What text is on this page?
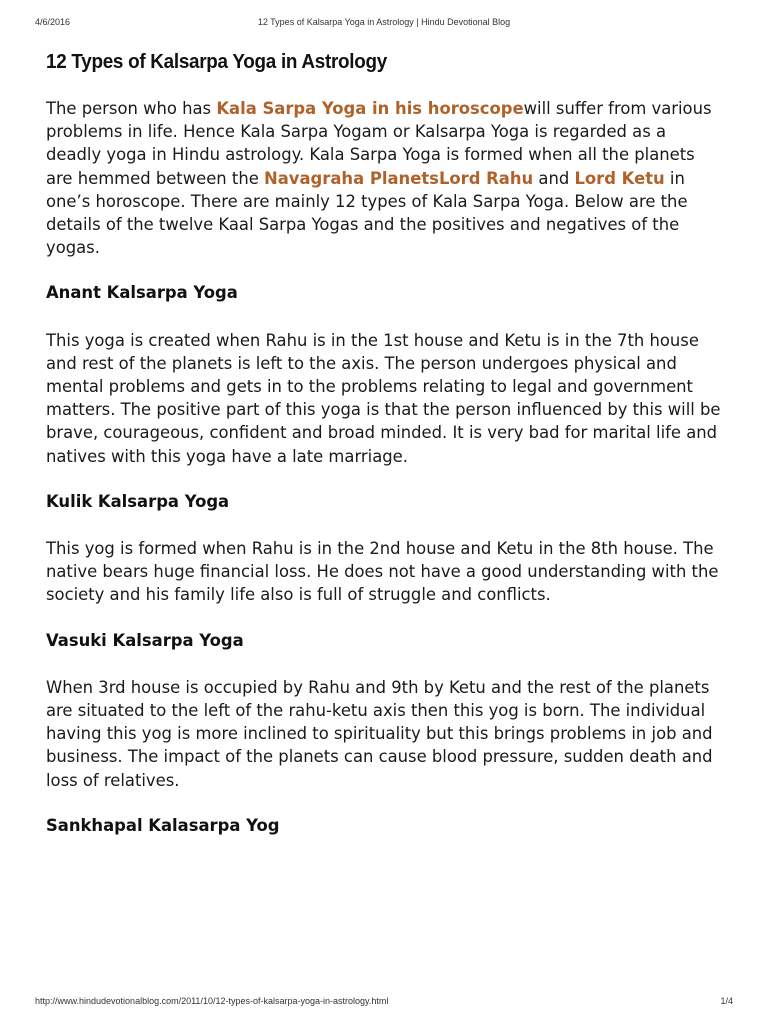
4/6/2016	12 Types of Kalsarpa Yoga in Astrology | Hindu Devotional Blog
12 Types of Kalsarpa Yoga in Astrology

The person who has Kala Sarpa Yoga in his horoscopewill suffer from various problems in life. Hence Kala Sarpa Yogam or Kalsarpa Yoga is regarded as a deadly yoga in Hindu astrology. Kala Sarpa Yoga is formed when all the planets are hemmed between the Navagraha PlanetsLord Rahu and Lord Ketu in one’s horoscope. There are mainly 12 types of Kala Sarpa Yoga. Below are the details of the twelve Kaal Sarpa Yogas and the positives and negatives of the yogas.

Anant Kalsarpa Yoga

This yoga is created when Rahu is in the 1st house and Ketu is in the 7th house and rest of the planets is left to the axis. The person undergoes physical and mental problems and gets in to the problems relating to legal and government matters. The positive part of this yoga is that the person influenced by this will be brave, courageous, confident and broad minded. It is very bad for marital life and natives with this yoga have a late marriage.

Kulik Kalsarpa Yoga

This yog is formed when Rahu is in the 2nd house and Ketu in the 8th house. The native bears huge financial loss. He does not have a good understanding with the society and his family life also is full of struggle and conflicts.

Vasuki Kalsarpa Yoga

When 3rd house is occupied by Rahu and 9th by Ketu and the rest of the planets are situated to the left of the rahu-ketu axis then this yog is born. The individual having this yog is more inclined to spirituality but this brings problems in job and business. The impact of the planets can cause blood pressure, sudden death and loss of relatives.

Sankhapal Kalasarpa Yog
http://www.hindudevotionalblog.com/2011/10/12-types-of-kalsarpa-yoga-in-astrology.html	1/4
